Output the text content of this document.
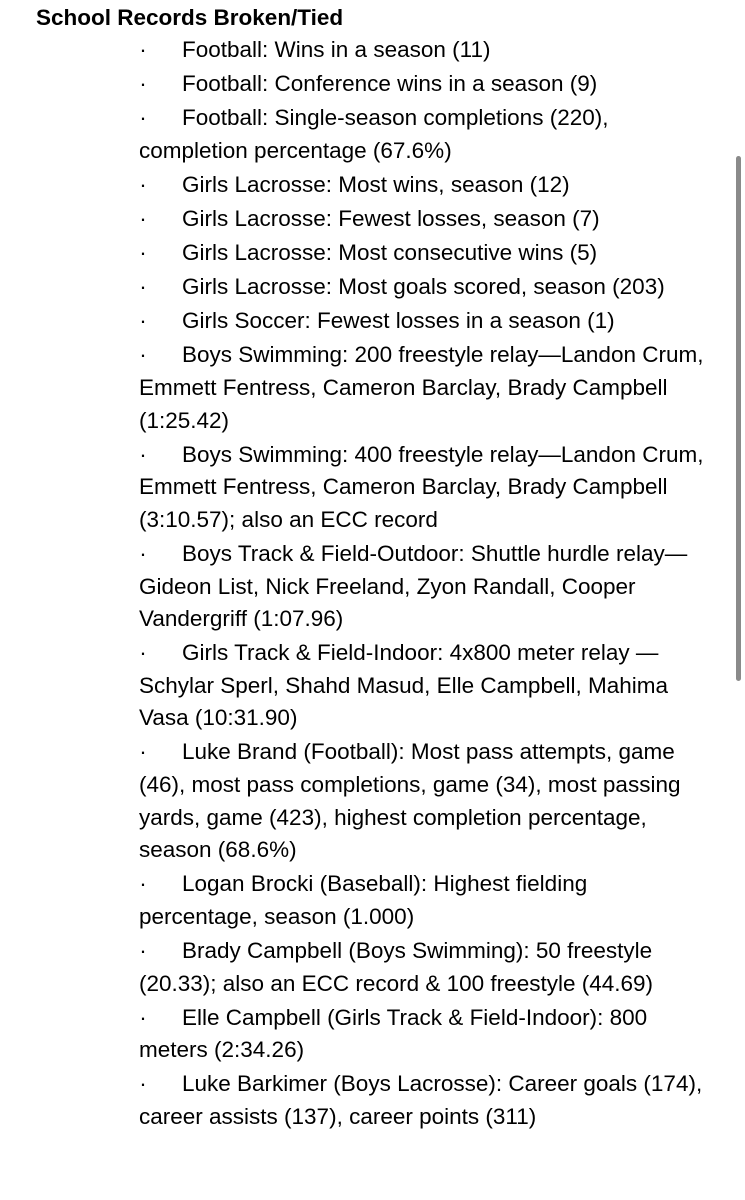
School Records Broken/Tied
· Football: Wins in a season (11)
· Football: Conference wins in a season (9)
· Football: Single-season completions (220), completion percentage (67.6%)
· Girls Lacrosse: Most wins, season (12)
· Girls Lacrosse: Fewest losses, season (7)
· Girls Lacrosse: Most consecutive wins (5)
· Girls Lacrosse: Most goals scored, season (203)
· Girls Soccer: Fewest losses in a season (1)
· Boys Swimming: 200 freestyle relay—Landon Crum, Emmett Fentress, Cameron Barclay, Brady Campbell (1:25.42)
· Boys Swimming: 400 freestyle relay—Landon Crum, Emmett Fentress, Cameron Barclay, Brady Campbell (3:10.57); also an ECC record
· Boys Track & Field-Outdoor: Shuttle hurdle relay—Gideon List, Nick Freeland, Zyon Randall, Cooper Vandergriff (1:07.96)
· Girls Track & Field-Indoor: 4x800 meter relay —Schylar Sperl, Shahd Masud, Elle Campbell, Mahima Vasa (10:31.90)
· Luke Brand (Football): Most pass attempts, game (46), most pass completions, game (34), most passing yards, game (423), highest completion percentage, season (68.6%)
· Logan Brocki (Baseball): Highest fielding percentage, season (1.000)
· Brady Campbell (Boys Swimming): 50 freestyle (20.33); also an ECC record & 100 freestyle (44.69)
· Elle Campbell (Girls Track & Field-Indoor): 800 meters (2:34.26)
· Luke Barkimer (Boys Lacrosse): Career goals (174), career assists (137), career points (311)
